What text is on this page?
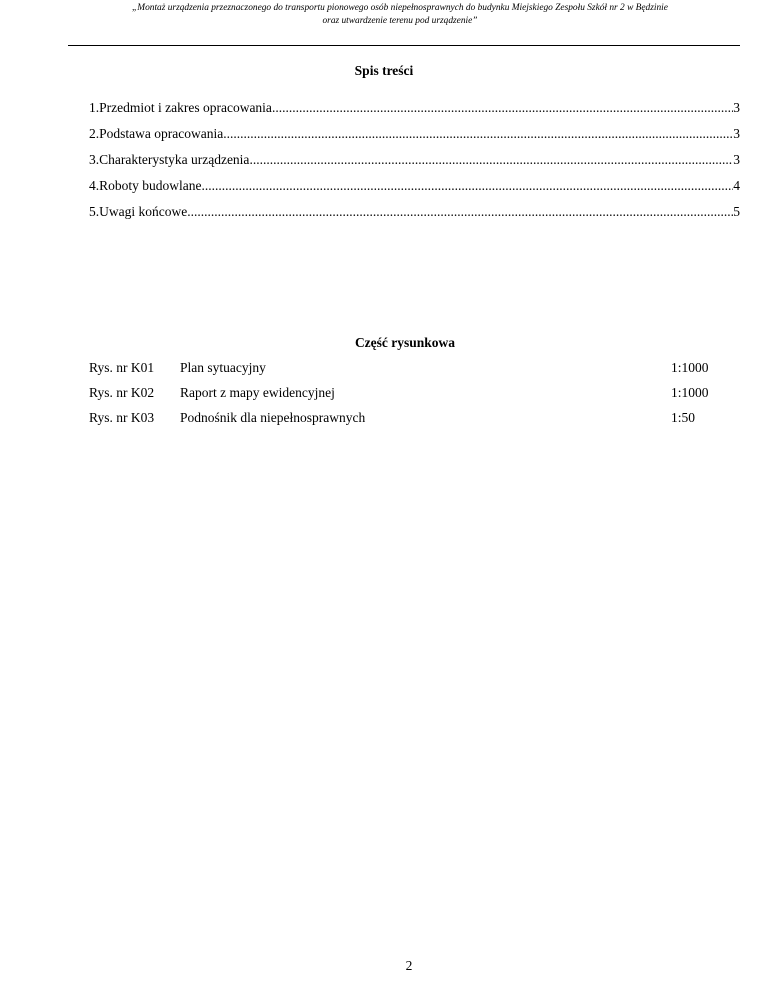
„Montaż urządzenia przeznaczonego do transportu pionowego osób niepełnosprawnych do budynku Miejskiego Zespołu Szkół nr 2 w Będzinie
oraz utwardzenie terenu pod urządzenie”
Spis treści
1.Przedmiot i zakres opracowania .....	3
2.Podstawa opracowania .....	3
3.Charakterystyka urządzenia .....	3
4.Roboty budowlane .....	4
5.Uwagi końcowe .....	5
Część rysunkowa
Rys. nr K01 Plan sytuacyjny	1:1000
Rys. nr K02 Raport z mapy ewidencyjnej	1:1000
Rys. nr K03 Podnośnik dla niepełnosprawnych	1:50
2
